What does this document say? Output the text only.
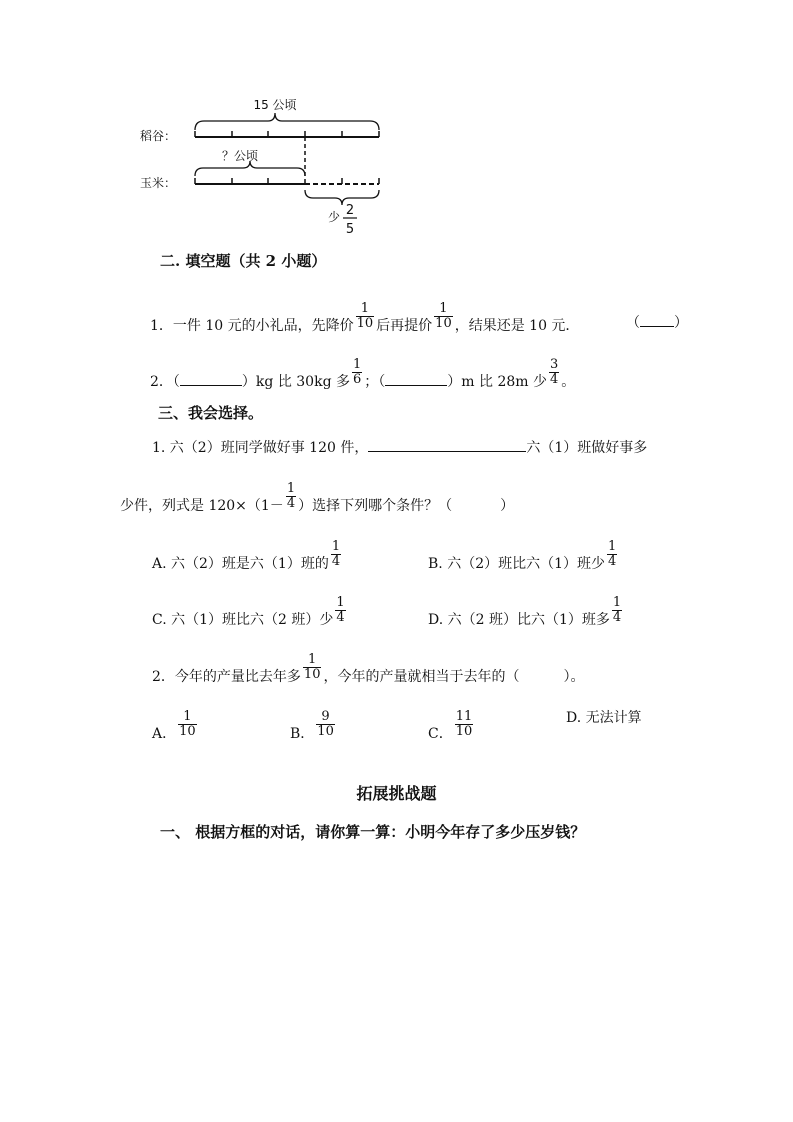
15 公顷
稻谷：
？公顷
玉米：
少 2
5
二. 填空题（共 2 小题）
1．一件 10 元的小礼品，先降价 $\frac{1}{10}$ 后再提价 $\frac{1}{10}$ ，结果还是 10 元．	（ ）
2．（	）kg 比 30kg 多 $\frac{1}{6}$ ；（	）m 比 28m 少 $\frac{3}{4}$ 。
三、我会选择。
1. 六（2）班同学做好事 120 件，	六（1）班做好事多
少件，列式是 $120\times(1- \frac{1}{4}$ ）选择下列哪个条件？（	）
A. 六（2）班是六（1）班的 $\frac{1}{4}$	B. 六（2）班比六（1）班少 $\frac{1}{4}$
C. 六（1）班比六（2 班）少 $\frac{1}{4}$	D. 六（2 班）比六（1）班多 $\frac{1}{4}$
2．今年的产量比去年多 $\frac{1}{10}$ ，今年的产量就相当于去年的（	）。
A． $\frac{1}{10}$	B． $\frac{9}{10}$	C． $\frac{11}{10}$	D. 无法计算
拓展挑战题
一、 根据方框的对话，请你算一算：小明今年存了多少压岁钱？
